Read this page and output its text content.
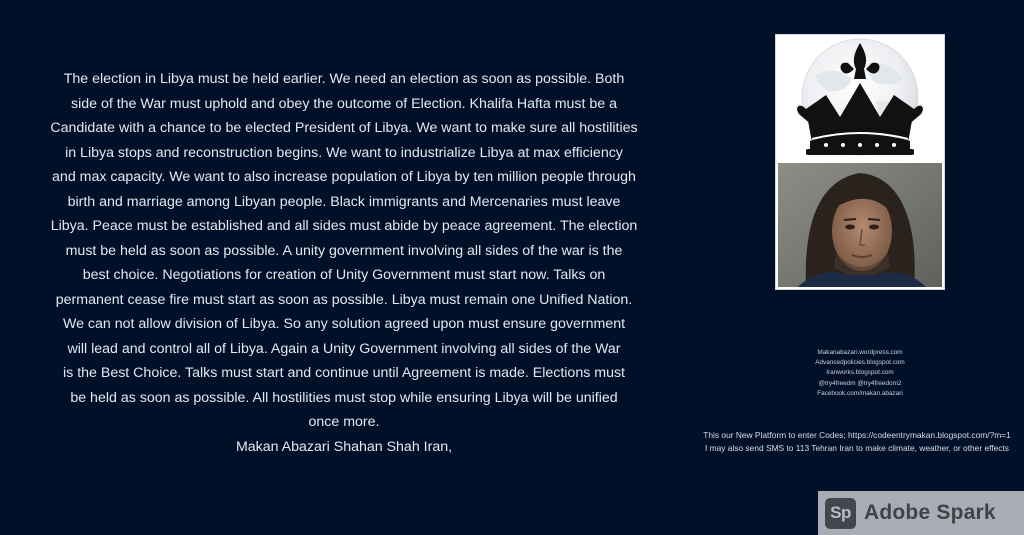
The election in Libya must be held earlier. We need an election as soon as possible. Both

side of the War must uphold and obey the outcome of Election. Khalifa Hafta must be a

Candidate with a chance to be elected President of Libya. We want to make sure all hostilities

in Libya stops and reconstruction begins. We want to industrialize Libya at max efficiency

and max capacity. We want to also increase population of Libya by ten million people through

birth and marriage among Libyan people. Black immigrants and Mercenaries must leave

Libya. Peace must be established and all sides must abide by peace agreement. The election

must be held as soon as possible. A unity government involving all sides of the war is the

best choice. Negotiations for creation of Unity Government must start now. Talks on

permanent cease fire must start as soon as possible. Libya must remain one Unified Nation.

We can not allow division of Libya. So any solution agreed upon must ensure government

will lead and control all of Libya. Again a Unity Government involving all sides of the War

is the Best Choice. Talks must start and continue until Agreement is made. Elections must

be held as soon as possible. All hostilities must stop while ensuring Libya will be unified

once more.

Makan Abazari Shahan Shah Iran,

Makanabazari.wordpress.com
Advancedpolicies.blogspot.com
Iranworks.blogspot.com
@try4freedm @try4freedom2
Facebook.com/makan.abazari
This our New Platform to enter Codes; https://codeentrymakan.blogspot.com/?m=1
I may also send SMS to 113 Tehran Iran to make climate, weather, or other effects
Sp Adobe Spark
